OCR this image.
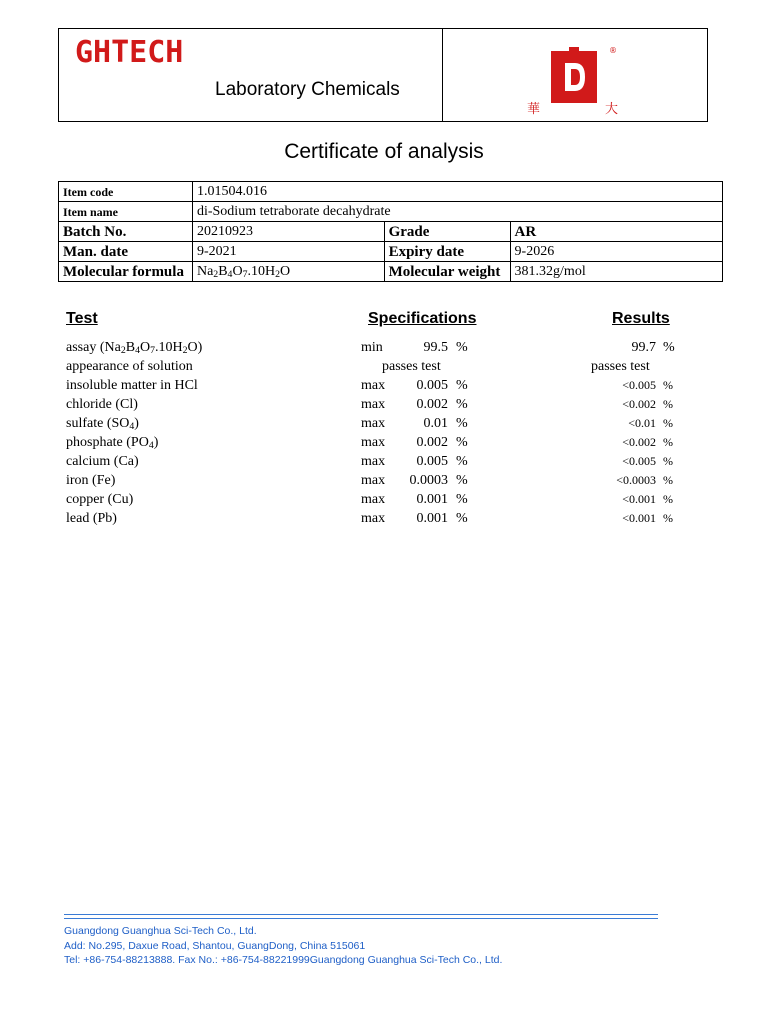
GHTECH
Laboratory Chemicals
華	大
®
Certificate of analysis
Item code	1.01504.016		
Item name	di-Sodium tetraborate decahydrate		
Batch No.	20210923	Grade	AR
Man. date	9-2021	Expiry date	9-2026
Molecular formula	$Na_2B_4O_7.10H_2O$	Molecular weight	381.32g/mol
Test	Specifications	Results
assay $(Na_2B_4O_7.10H_2O)$	min	99.5 %	99.7 %
appearance of solution	passes test	passes test
insoluble matter in HCl	max 0.005 %	<0.005 %
chloride (Cl)	max 0.002 %	<0.002 %
sulfate $(SO_4)$	max	0.01 %	<0.01 %
phosphate $(PO_4)$	max 0.002 %	<0.002 %
calcium (Ca)	max 0.005 %	<0.005 %
iron (Fe)	max 0.0003 %	<0.0003 %
copper (Cu)	max 0.001 %	<0.001 %
lead (Pb)	max 0.001 %	<0.001 %
Guangdong Guanghua Sci-Tech Co., Ltd.
Add: No.295, Daxue Road, Shantou, GuangDong, China 515061
Tel: +86-754-88213888. Fax No.: +86-754-88221999Guangdong Guanghua Sci-Tech Co., Ltd.
